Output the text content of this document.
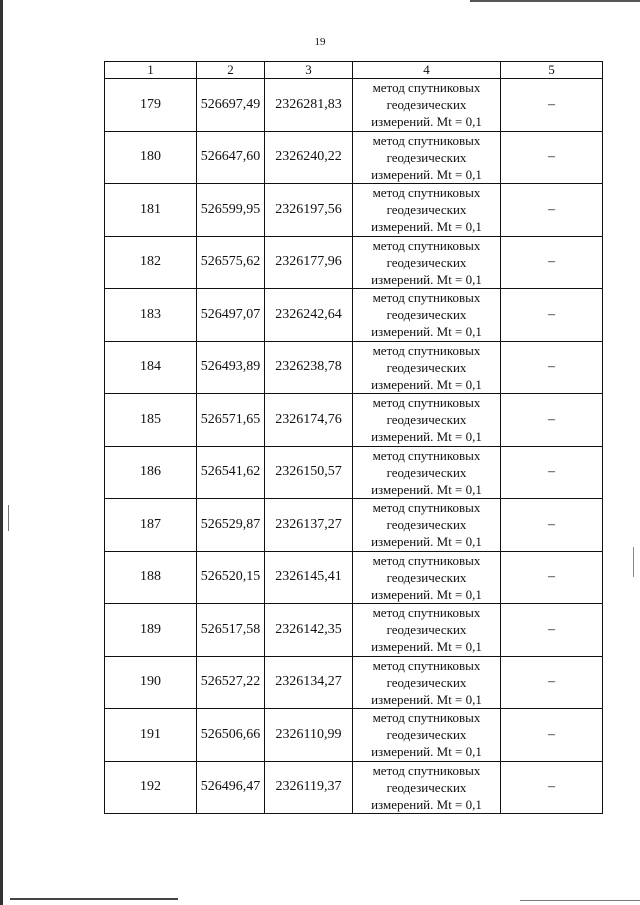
19
1	2	3	4	5
179	526697,49	2326281,83	метод спутниковых
геодезических
измерений. Mt = 0,1	–
180	526647,60	2326240,22	метод спутниковых
геодезических
измерений. Mt = 0,1	–
181	526599,95	2326197,56	метод спутниковых
геодезических
измерений. Mt = 0,1	–
182	526575,62	2326177,96	метод спутниковых
геодезических
измерений. Mt = 0,1	–
183	526497,07	2326242,64	метод спутниковых
геодезических
измерений. Mt = 0,1	–
184	526493,89	2326238,78	метод спутниковых
геодезических
измерений. Mt = 0,1	–
185	526571,65	2326174,76	метод спутниковых
геодезических
измерений. Mt = 0,1	–
186	526541,62	2326150,57	метод спутниковых
геодезических
измерений. Mt = 0,1	–
187	526529,87	2326137,27	метод спутниковых
геодезических
измерений. Mt = 0,1	–
188	526520,15	2326145,41	метод спутниковых
геодезических
измерений. Mt = 0,1	–
189	526517,58	2326142,35	метод спутниковых
геодезических
измерений. Mt = 0,1	–
190	526527,22	2326134,27	метод спутниковых
геодезических
измерений. Mt = 0,1	–
191	526506,66	2326110,99	метод спутниковых
геодезических
измерений. Mt = 0,1	–
192	526496,47	2326119,37	метод спутниковых
геодезических
измерений. Mt = 0,1	–
